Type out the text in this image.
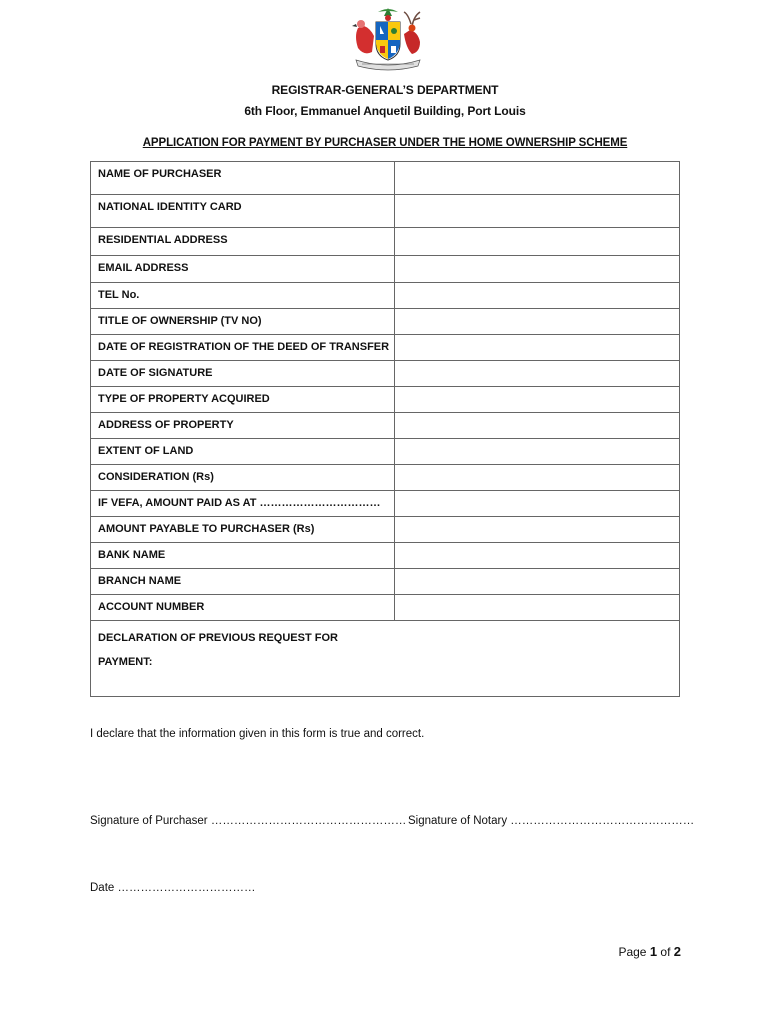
REGISTRAR-GENERAL’S DEPARTMENT
6th Floor, Emmanuel Anquetil Building, Port Louis
APPLICATION FOR PAYMENT BY PURCHASER UNDER THE HOME OWNERSHIP SCHEME
NAME OF PURCHASER	
NATIONAL IDENTITY CARD	
RESIDENTIAL ADDRESS	
EMAIL ADDRESS	
TEL No.	
TITLE OF OWNERSHIP (TV NO)	
DATE OF REGISTRATION OF THE DEED OF TRANSFER	
DATE OF SIGNATURE	
TYPE OF PROPERTY ACQUIRED	
ADDRESS OF PROPERTY	
EXTENT OF LAND	
CONSIDERATION (Rs)	
IF VEFA, AMOUNT PAID AS AT ……………………………	
AMOUNT PAYABLE TO PURCHASER (Rs)	
BANK NAME	
BRANCH NAME	
ACCOUNT NUMBER	

DECLARATION OF PREVIOUS REQUEST FOR
PAYMENT:	
I declare that the information given in this form is true and correct.
Signature of Purchaser …………………………………………… Signature of Notary …………………………………………
Date ………………………………
Page 1 of 2
